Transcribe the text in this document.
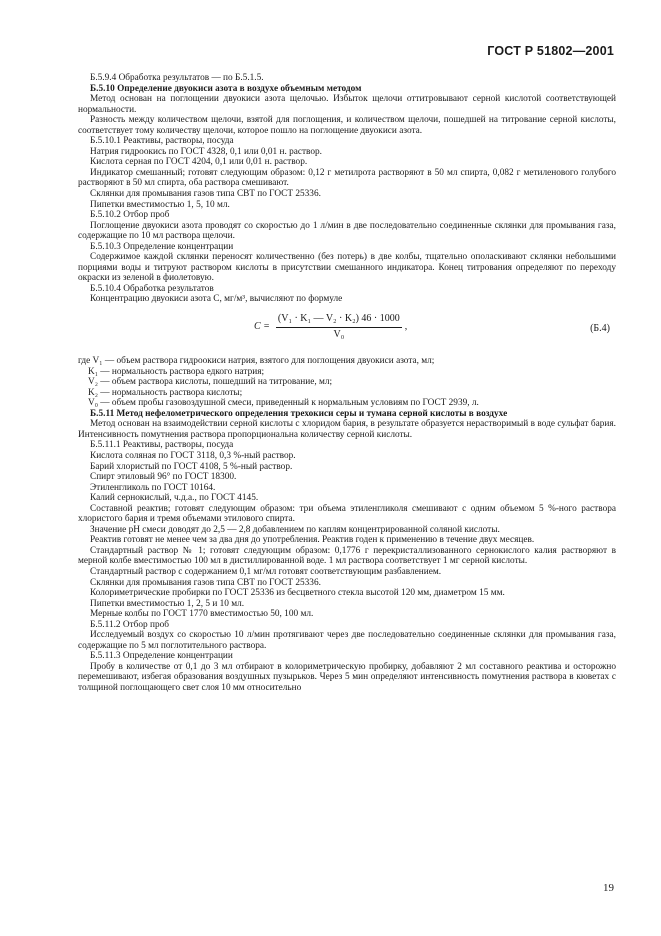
ГОСТ Р 51802—2001

Б.5.9.4 Обработка результатов — по Б.5.1.5.

Б.5.10 Определение двуокиси азота в воздухе объемным методом

Метод основан на поглощении двуокиси азота щелочью. Избыток щелочи оттитровывают серной кислотой соответствующей нормальности.

Разность между количеством щелочи, взятой для поглощения, и количеством щелочи, пошедшей на титрование серной кислоты, соответствует тому количеству щелочи, которое пошло на поглощение двуокиси азота.

Б.5.10.1 Реактивы, растворы, посуда

Натрия гидроокись по ГОСТ 4328, 0,1 или 0,01 н. раствор.

Кислота серная по ГОСТ 4204, 0,1 или 0,01 н. раствор.

Индикатор смешанный; готовят следующим образом: 0,12 г метилрота растворяют в 50 мл спирта, 0,082 г метиленового голубого растворяют в 50 мл спирта, оба раствора смешивают.

Склянки для промывания газов типа СВТ по ГОСТ 25336.

Пипетки вместимостью 1, 5, 10 мл.

Б.5.10.2 Отбор проб

Поглощение двуокиси азота проводят со скоростью до 1 л/мин в две последовательно соединенные склянки для промывания газа, содержащие по 10 мл раствора щелочи.

Б.5.10.3 Определение концентрации

Содержимое каждой склянки переносят количественно (без потерь) в две колбы, тщательно ополаскивают склянки небольшими порциями воды и титруют раствором кислоты в присутствии смешанного индикатора. Конец титрования определяют по переходу окраски из зеленой в фиолетовую.

Б.5.10.4 Обработка результатов

Концентрацию двуокиси азота С, мг/м³, вычисляют по формуле

$C = \frac{\text{(V₁ · K₁ — V₂ · K₂) 46 · 1000}}{\text{V₀}}$ ,	(Б.4)

где V₁ — объем раствора гидроокиси натрия, взятого для поглощения двуокиси азота, мл;

K₁ — нормальность раствора едкого натрия;

V₂ — объем раствора кислоты, пошедший на титрование, мл;

K₂ — нормальность раствора кислоты;

V₀ — объем пробы газовоздушной смеси, приведенный к нормальным условиям по ГОСТ 2939, л.

Б.5.11 Метод нефелометрического определения трехокиси серы и тумана серной кислоты в воздухе

Метод основан на взаимодействии серной кислоты с хлоридом бария, в результате образуется нерастворимый в воде сульфат бария. Интенсивность помутнения раствора пропорциональна количеству серной кислоты.

Б.5.11.1 Реактивы, растворы, посуда

Кислота соляная по ГОСТ 3118, 0,3 %-ный раствор.

Барий хлористый по ГОСТ 4108, 5 %-ный раствор.

Спирт этиловый 96° по ГОСТ 18300.

Этиленгликоль по ГОСТ 10164.

Калий сернокислый, ч.д.а., по ГОСТ 4145.

Составной реактив; готовят следующим образом: три объема этиленгликоля смешивают с одним объемом 5 %-ного раствора хлористого бария и тремя объемами этилового спирта.

Значение pH смеси доводят до 2,5 — 2,8 добавлением по каплям концентрированной соляной кислоты.

Реактив готовят не менее чем за два дня до употребления. Реактив годен к применению в течение двух месяцев.

Стандартный раствор № 1; готовят следующим образом: 0,1776 г перекристаллизованного сернокислого калия растворяют в мерной колбе вместимостью 100 мл в дистиллированной воде. 1 мл раствора соответствует 1 мг серной кислоты.

Стандартный раствор с содержанием 0,1 мг/мл готовят соответствующим разбавлением.

Склянки для промывания газов типа СВТ по ГОСТ 25336.

Колориметрические пробирки по ГОСТ 25336 из бесцветного стекла высотой 120 мм, диаметром 15 мм.

Пипетки вместимостью 1, 2, 5 и 10 мл.

Мерные колбы по ГОСТ 1770 вместимостью 50, 100 мл.

Б.5.11.2 Отбор проб

Исследуемый воздух со скоростью 10 л/мин протягивают через две последовательно соединенные склянки для промывания газа, содержащие по 5 мл поглотительного раствора.

Б.5.11.3 Определение концентрации

Пробу в количестве от 0,1 до 3 мл отбирают в колориметрическую пробирку, добавляют 2 мл составного реактива и осторожно перемешивают, избегая образования воздушных пузырьков. Через 5 мин определяют интенсивность помутнения раствора в кюветах с толщиной поглощающего свет слоя 10 мм относительно

19
